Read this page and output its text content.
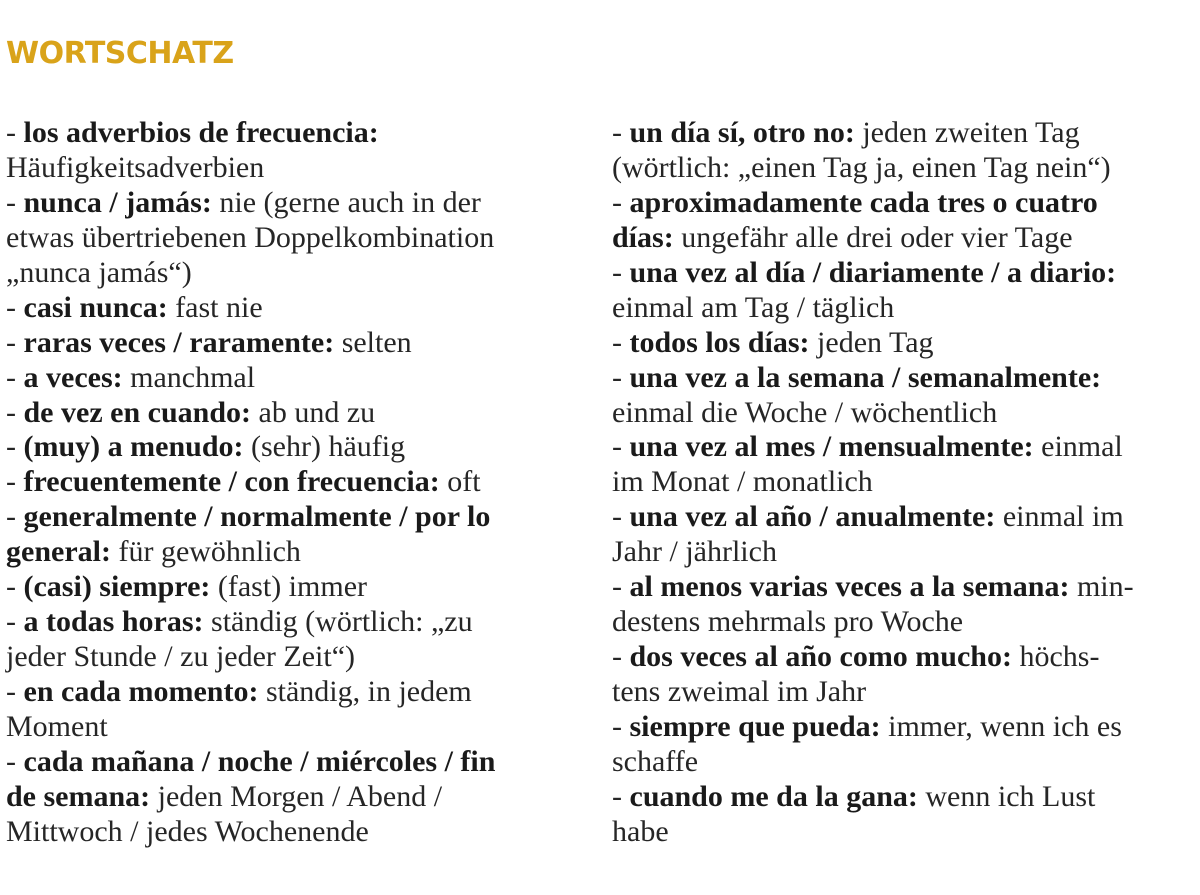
WORTSCHATZ
- los adverbios de frecuencia:
Häufigkeitsadverbien
- nunca / jamás: nie (gerne auch in der
etwas übertriebenen Doppelkombination
„nunca jamás“)
- casi nunca: fast nie
- raras veces / raramente: selten
- a veces: manchmal
- de vez en cuando: ab und zu
- (muy) a menudo: (sehr) häufig
- frecuentemente / con frecuencia: oft
- generalmente / normalmente / por lo
general: für gewöhnlich
- (casi) siempre: (fast) immer
- a todas horas: ständig (wörtlich: „zu
jeder Stunde / zu jeder Zeit“)
- en cada momento: ständig, in jedem
Moment
- cada mañana / noche / miércoles / fin
de semana: jeden Morgen / Abend /
Mittwoch / jedes Wochenende
- un día sí, otro no: jeden zweiten Tag
(wörtlich: „einen Tag ja, einen Tag nein“)
- aproximadamente cada tres o cuatro
días: ungefähr alle drei oder vier Tage
- una vez al día / diariamente / a diario:
einmal am Tag / täglich
- todos los días: jeden Tag
- una vez a la semana / semanalmente:
einmal die Woche / wöchentlich
- una vez al mes / mensualmente: einmal
im Monat / monatlich
- una vez al año / anualmente: einmal im
Jahr / jährlich
- al menos varias veces a la semana: min-
destens mehrmals pro Woche
- dos veces al año como mucho: höchs-
tens zweimal im Jahr
- siempre que pueda: immer, wenn ich es
schaffe
- cuando me da la gana: wenn ich Lust
habe
